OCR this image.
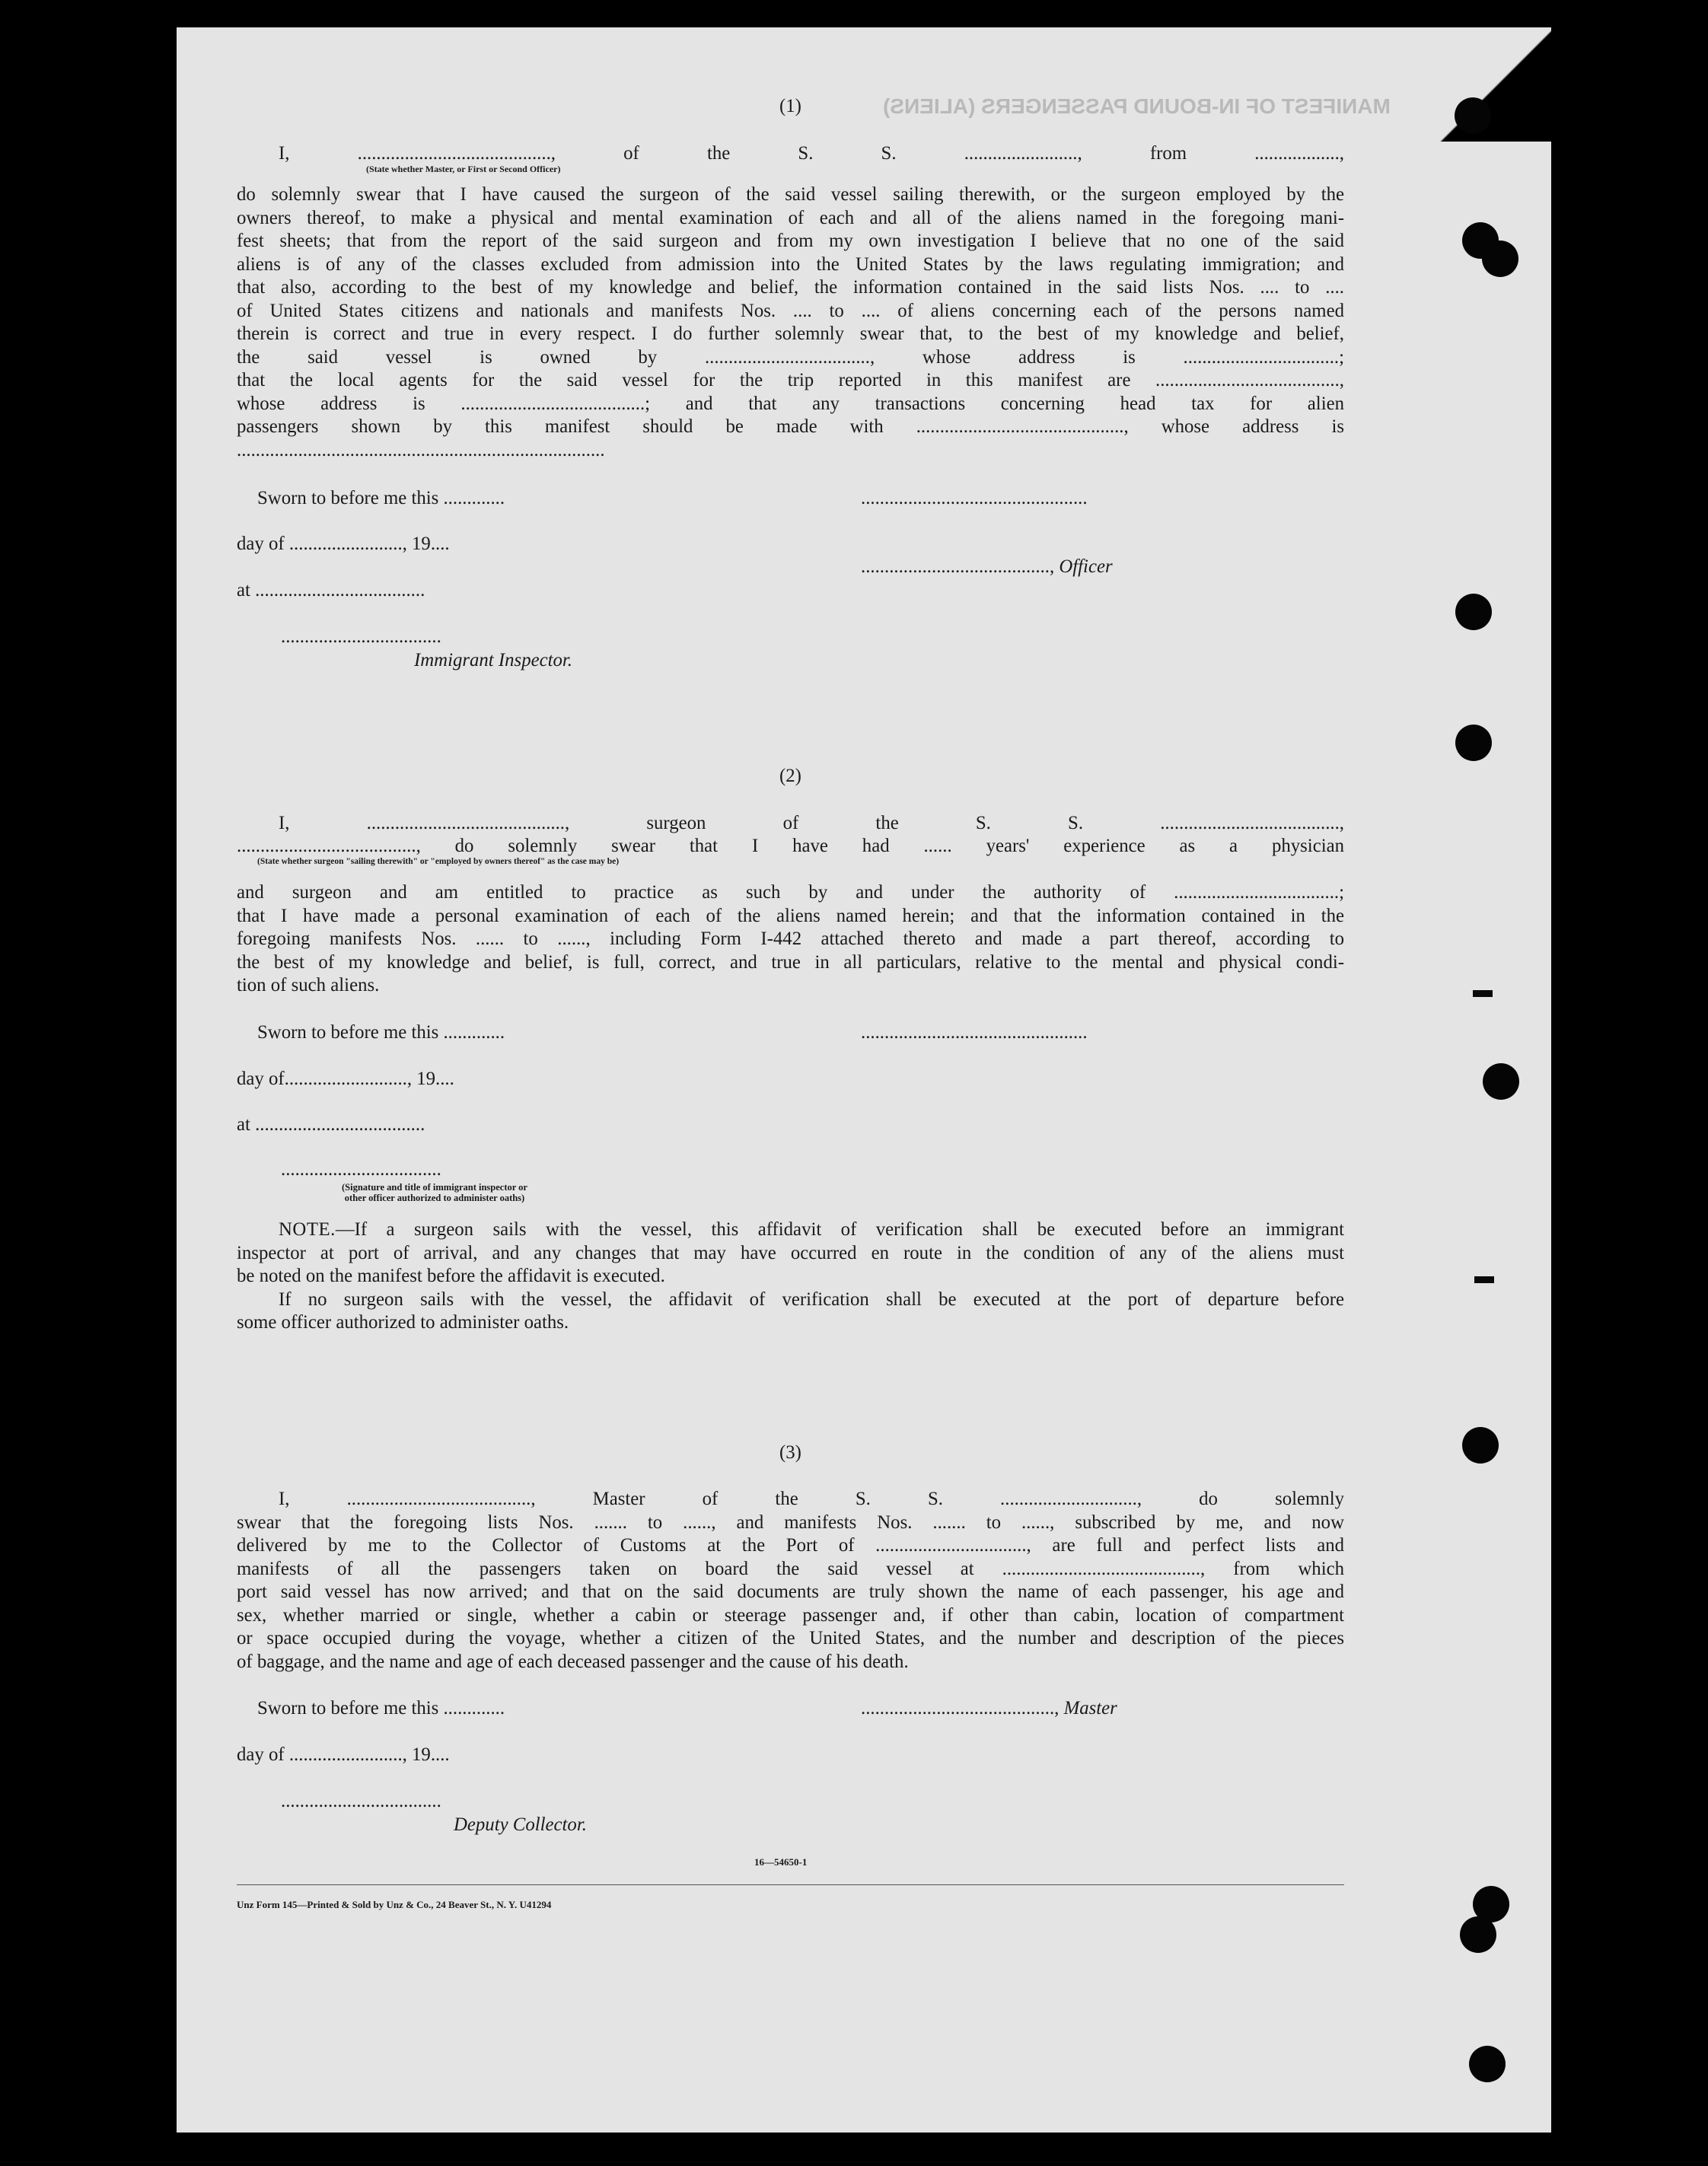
MANIFEST OF IN-BOUND PASSENGERS (ALIENS)
(1)

I, ........................................., of the S. S. ........................, from ..................,

(State whether Master, or First or Second Officer)

do solemnly swear that I have caused the surgeon of the said vessel sailing therewith, or the surgeon employed by the

owners thereof, to make a physical and mental examination of each and all of the aliens named in the foregoing mani-

fest sheets; that from the report of the said surgeon and from my own investigation I believe that no one of the said

aliens is of any of the classes excluded from admission into the United States by the laws regulating immigration; and

that also, according to the best of my knowledge and belief, the information contained in the said lists Nos. .... to ....

of United States citizens and nationals and manifests Nos. .... to .... of aliens concerning each of the persons named

therein is correct and true in every respect. I do further solemnly swear that, to the best of my knowledge and belief,

the said vessel is owned by ..................................., whose address is .................................;

that the local agents for the said vessel for the trip reported in this manifest are .......................................,

whose address is .......................................; and that any transactions concerning head tax for alien

passengers shown by this manifest should be made with ............................................, whose address is

..............................................................................

Sworn to before me this .............	................................................
day of ........................, 19....
........................................, Officer
at ....................................
..................................
Immigrant Inspector.
(2)

I, .........................................., surgeon of the S. S. ......................................,

......................................, do solemnly swear that I have had ...... years' experience as a physician

(State whether surgeon "sailing therewith" or "employed by owners thereof" as the case may be)

and surgeon and am entitled to practice as such by and under the authority of ...................................;

that I have made a personal examination of each of the aliens named herein; and that the information contained in the

foregoing manifests Nos. ...... to ......, including Form I-442 attached thereto and made a part thereof, according to

the best of my knowledge and belief, is full, correct, and true in all particulars, relative to the mental and physical condi-

tion of such aliens.

Sworn to before me this .............	................................................
day of.........................., 19....
at ....................................
..................................
(Signature and title of immigrant inspector or
other officer authorized to administer oaths)

NOTE.—If a surgeon sails with the vessel, this affidavit of verification shall be executed before an immigrant

inspector at port of arrival, and any changes that may have occurred en route in the condition of any of the aliens must

be noted on the manifest before the affidavit is executed.

If no surgeon sails with the vessel, the affidavit of verification shall be executed at the port of departure before

some officer authorized to administer oaths.

(3)

I, ......................................., Master of the S. S. ............................., do solemnly

swear that the foregoing lists Nos. ....... to ......, and manifests Nos. ....... to ......, subscribed by me, and now

delivered by me to the Collector of Customs at the Port of ................................, are full and perfect lists and

manifests of all the passengers taken on board the said vessel at .........................................., from which

port said vessel has now arrived; and that on the said documents are truly shown the name of each passenger, his age and

sex, whether married or single, whether a cabin or steerage passenger and, if other than cabin, location of compartment

or space occupied during the voyage, whether a citizen of the United States, and the number and description of the pieces

of baggage, and the name and age of each deceased passenger and the cause of his death.

Sworn to before me this .............	........................................., Master
day of ........................, 19....
..................................
Deputy Collector.
16—54650-1
Unz Form 145—Printed & Sold by Unz & Co., 24 Beaver St., N. Y. U41294
